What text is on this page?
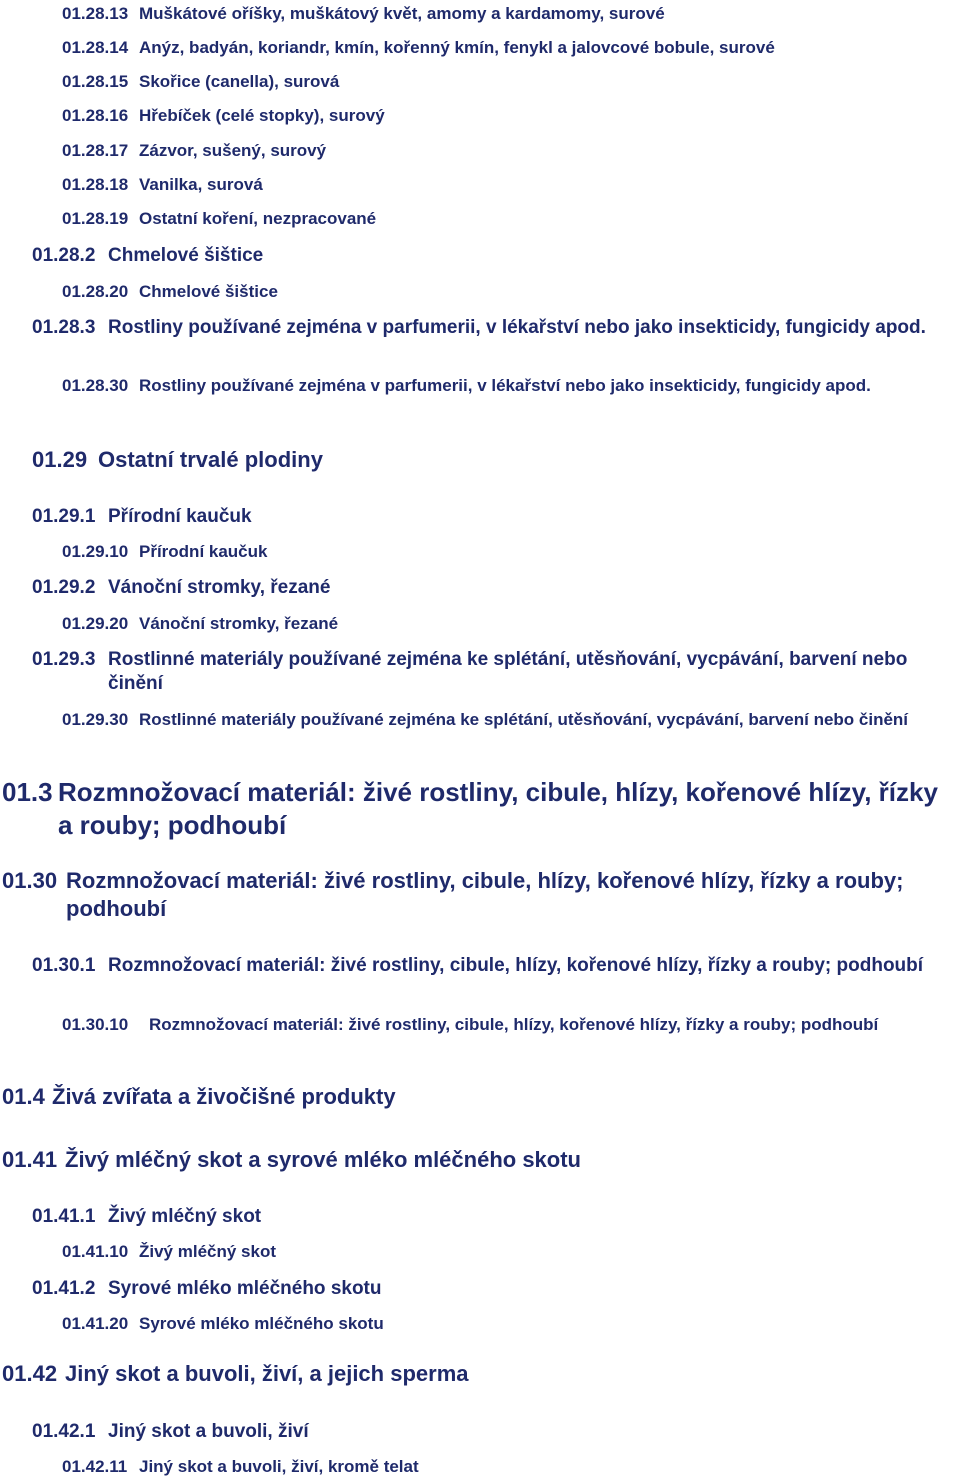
01.28.13 Muškátové oříšky, muškátový květ, amomy a kardamomy, surové

01.28.14 Anýz, badyán, koriandr, kmín, kořenný kmín, fenykl a jalovcové bobule, surové

01.28.15 Skořice (canella), surová

01.28.16 Hřebíček (celé stopky), surový

01.28.17 Zázvor, sušený, surový

01.28.18 Vanilka, surová

01.28.19 Ostatní koření, nezpracované

01.28.2 Chmelové šištice

01.28.20 Chmelové šištice

01.28.3 Rostliny používané zejména v parfumerii, v lékařství nebo jako insekticidy, fungicidy apod.

01.28.30 Rostliny používané zejména v parfumerii, v lékařství nebo jako insekticidy, fungicidy apod.

01.29 Ostatní trvalé plodiny

01.29.1 Přírodní kaučuk

01.29.10 Přírodní kaučuk

01.29.2 Vánoční stromky, řezané

01.29.20 Vánoční stromky, řezané

01.29.3 Rostlinné materiály používané zejména ke splétání, utěsňování, vycpávání, barvení nebo činění

01.29.30 Rostlinné materiály používané zejména ke splétání, utěsňování, vycpávání, barvení nebo činění

01.3 Rozmnožovací materiál: živé rostliny, cibule, hlízy, kořenové hlízy, řízky a rouby; podhoubí

01.30 Rozmnožovací materiál: živé rostliny, cibule, hlízy, kořenové hlízy, řízky a rouby; podhoubí

01.30.1 Rozmnožovací materiál: živé rostliny, cibule, hlízy, kořenové hlízy, řízky a rouby; podhoubí

01.30.10	Rozmnožovací materiál: živé rostliny, cibule, hlízy, kořenové hlízy, řízky a rouby; podhoubí

01.4 Živá zvířata a živočišné produkty

01.41 Živý mléčný skot a syrové mléko mléčného skotu

01.41.1 Živý mléčný skot

01.41.10 Živý mléčný skot

01.41.2 Syrové mléko mléčného skotu

01.41.20 Syrové mléko mléčného skotu

01.42 Jiný skot a buvoli, živí, a jejich sperma

01.42.1 Jiný skot a buvoli, živí

01.42.11 Jiný skot a buvoli, živí, kromě telat
